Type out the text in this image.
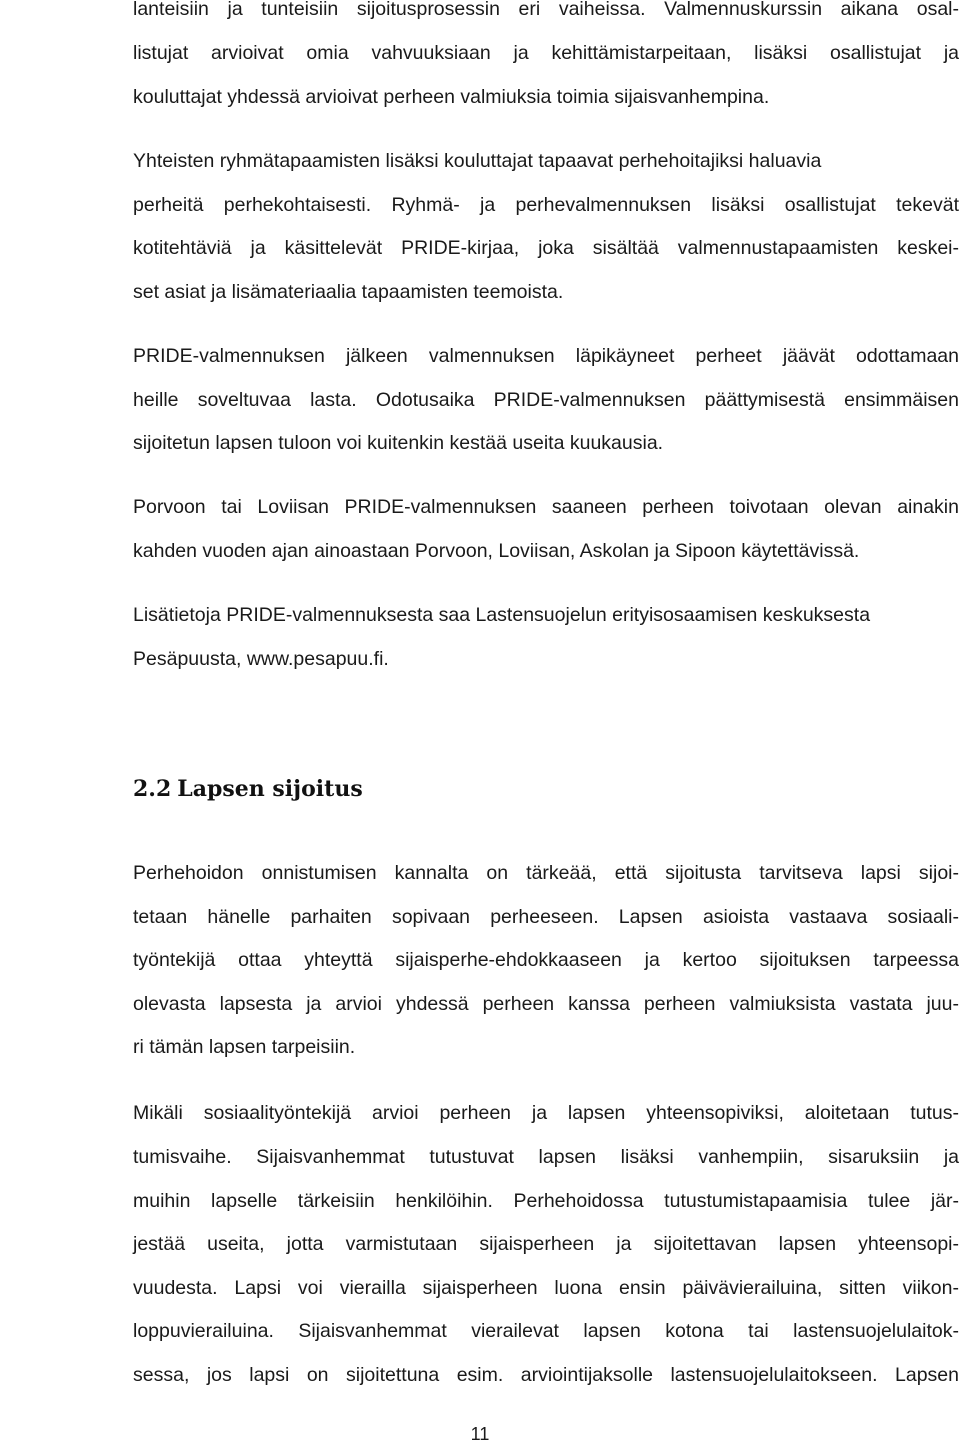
lanteisiin ja tunteisiin sijoitusprosessin eri vaiheissa. Valmennuskurssin aikana osal-
listujat arvioivat omia vahvuuksiaan ja kehittämistarpeitaan, lisäksi osallistujat ja
kouluttajat yhdessä arvioivat perheen valmiuksia toimia sijaisvanhempina.
Yhteisten ryhmätapaamisten lisäksi kouluttajat tapaavat perhehoitajiksi haluavia
perheitä perhekohtaisesti. Ryhmä- ja perhevalmennuksen lisäksi osallistujat tekevät
kotitehtäviä ja käsittelevät PRIDE-kirjaa, joka sisältää valmennustapaamisten keskei-
set asiat ja lisämateriaalia tapaamisten teemoista.
PRIDE-valmennuksen jälkeen valmennuksen läpikäyneet perheet jäävät odottamaan
heille soveltuvaa lasta. Odotusaika PRIDE-valmennuksen päättymisestä ensimmäisen
sijoitetun lapsen tuloon voi kuitenkin kestää useita kuukausia.
Porvoon tai Loviisan PRIDE-valmennuksen saaneen perheen toivotaan olevan ainakin
kahden vuoden ajan ainoastaan Porvoon, Loviisan, Askolan ja Sipoon käytettävissä.
Lisätietoja PRIDE-valmennuksesta saa Lastensuojelun erityisosaamisen keskuksesta
Pesäpuusta, www.pesapuu.fi.
2.2 Lapsen sijoitus
Perhehoidon onnistumisen kannalta on tärkeää, että sijoitusta tarvitseva lapsi sijoi-
tetaan hänelle parhaiten sopivaan perheeseen. Lapsen asioista vastaava sosiaali-
työntekijä ottaa yhteyttä sijaisperhe-ehdokkaaseen ja kertoo sijoituksen tarpeessa
olevasta lapsesta ja arvioi yhdessä perheen kanssa perheen valmiuksista vastata juu-
ri tämän lapsen tarpeisiin.
Mikäli sosiaalityöntekijä arvioi perheen ja lapsen yhteensopiviksi, aloitetaan tutus-
tumisvaihe. Sijaisvanhemmat tutustuvat lapsen lisäksi vanhempiin, sisaruksiin ja
muihin lapselle tärkeisiin henkilöihin. Perhehoidossa tutustumistapaamisia tulee jär-
jestää useita, jotta varmistutaan sijaisperheen ja sijoitettavan lapsen yhteensopi-
vuudesta. Lapsi voi vierailla sijaisperheen luona ensin päivävierailuina, sitten viikon-
loppuvierailuina. Sijaisvanhemmat vierailevat lapsen kotona tai lastensuojelulaitok-
sessa, jos lapsi on sijoitettuna esim. arviointijaksolle lastensuojelulaitokseen. Lapsen
11
